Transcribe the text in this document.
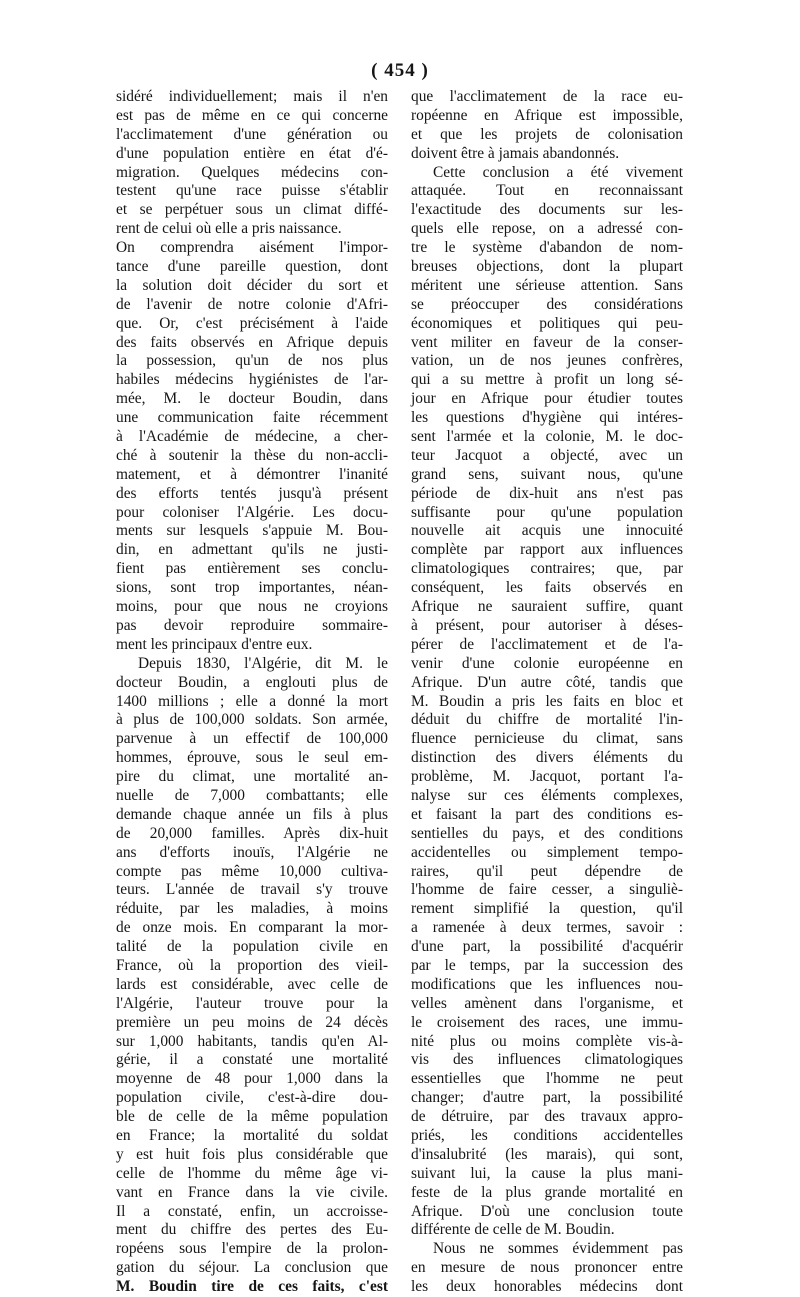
( 454 )
sidéré individuellement; mais il n'en
est pas de même en ce qui concerne
l'acclimatement d'une génération ou
d'une population entière en état d'é-
migration. Quelques médecins con-
testent qu'une race puisse s'établir
et se perpétuer sous un climat diffé-
rent de celui où elle a pris naissance.
On comprendra aisément l'impor-
tance d'une pareille question, dont
la solution doit décider du sort et
de l'avenir de notre colonie d'Afri-
que. Or, c'est précisément à l'aide
des faits observés en Afrique depuis
la possession, qu'un de nos plus
habiles médecins hygiénistes de l'ar-
mée, M. le docteur Boudin, dans
une communication faite récemment
à l'Académie de médecine, a cher-
ché à soutenir la thèse du non-accli-
matement, et à démontrer l'inanité
des efforts tentés jusqu'à présent
pour coloniser l'Algérie. Les docu-
ments sur lesquels s'appuie M. Bou-
din, en admettant qu'ils ne justi-
fient pas entièrement ses conclu-
sions, sont trop importantes, néan-
moins, pour que nous ne croyions
pas devoir reproduire sommaire-
ment les principaux d'entre eux.
Depuis 1830, l'Algérie, dit M. le
docteur Boudin, a englouti plus de
1400 millions ; elle a donné la mort
à plus de 100,000 soldats. Son armée,
parvenue à un effectif de 100,000
hommes, éprouve, sous le seul em-
pire du climat, une mortalité an-
nuelle de 7,000 combattants; elle
demande chaque année un fils à plus
de 20,000 familles. Après dix-huit
ans d'efforts inouïs, l'Algérie ne
compte pas même 10,000 cultiva-
teurs. L'année de travail s'y trouve
réduite, par les maladies, à moins
de onze mois. En comparant la mor-
talité de la population civile en
France, où la proportion des vieil-
lards est considérable, avec celle de
l'Algérie, l'auteur trouve pour la
première un peu moins de 24 décès
sur 1,000 habitants, tandis qu'en Al-
gérie, il a constaté une mortalité
moyenne de 48 pour 1,000 dans la
population civile, c'est-à-dire dou-
ble de celle de la même population
en France; la mortalité du soldat
y est huit fois plus considérable que
celle de l'homme du même âge vi-
vant en France dans la vie civile.
Il a constaté, enfin, un accroisse-
ment du chiffre des pertes des Eu-
ropéens sous l'empire de la prolon-
gation du séjour. La conclusion que
M. Boudin tire de ces faits, c'est
que l'acclimatement de la race eu-
ropéenne en Afrique est impossible,
et que les projets de colonisation
doivent être à jamais abandonnés.
Cette conclusion a été vivement
attaquée. Tout en reconnaissant
l'exactitude des documents sur les-
quels elle repose, on a adressé con-
tre le système d'abandon de nom-
breuses objections, dont la plupart
méritent une sérieuse attention. Sans
se préoccuper des considérations
économiques et politiques qui peu-
vent militer en faveur de la conser-
vation, un de nos jeunes confrères,
qui a su mettre à profit un long sé-
jour en Afrique pour étudier toutes
les questions d'hygiène qui intéres-
sent l'armée et la colonie, M. le doc-
teur Jacquot a objecté, avec un
grand sens, suivant nous, qu'une
période de dix-huit ans n'est pas
suffisante pour qu'une population
nouvelle ait acquis une innocuité
complète par rapport aux influences
climatologiques contraires; que, par
conséquent, les faits observés en
Afrique ne sauraient suffire, quant
à présent, pour autoriser à déses-
pérer de l'acclimatement et de l'a-
venir d'une colonie européenne en
Afrique. D'un autre côté, tandis que
M. Boudin a pris les faits en bloc et
déduit du chiffre de mortalité l'in-
fluence pernicieuse du climat, sans
distinction des divers éléments du
problème, M. Jacquot, portant l'a-
nalyse sur ces éléments complexes,
et faisant la part des conditions es-
sentielles du pays, et des conditions
accidentelles ou simplement tempo-
raires, qu'il peut dépendre de
l'homme de faire cesser, a singuliè-
rement simplifié la question, qu'il
a ramenée à deux termes, savoir :
d'une part, la possibilité d'acquérir
par le temps, par la succession des
modifications que les influences nou-
velles amènent dans l'organisme, et
le croisement des races, une immu-
nité plus ou moins complète vis-à-
vis des influences climatologiques
essentielles que l'homme ne peut
changer; d'autre part, la possibilité
de détruire, par des travaux appro-
priés, les conditions accidentelles
d'insalubrité (les marais), qui sont,
suivant lui, la cause la plus mani-
feste de la plus grande mortalité en
Afrique. D'où une conclusion toute
différente de celle de M. Boudin.
Nous ne sommes évidemment pas
en mesure de nous prononcer entre
les deux honorables médecins dont
